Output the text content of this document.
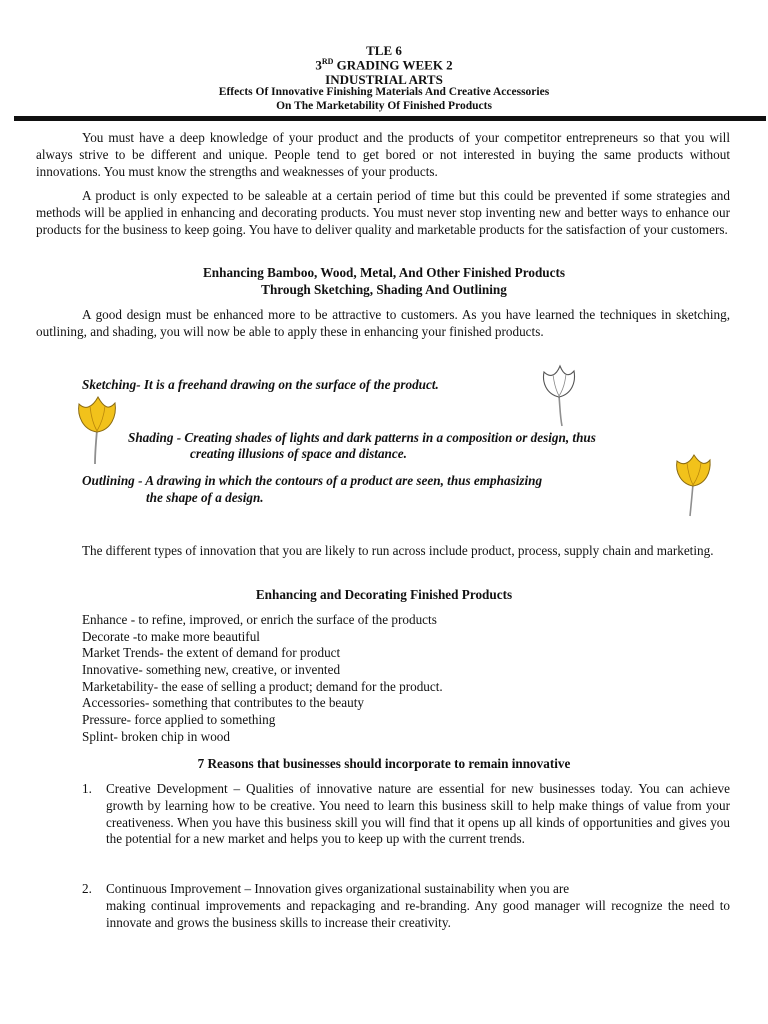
TLE 6
3RD GRADING WEEK 2
INDUSTRIAL ARTS
Effects Of Innovative Finishing Materials And Creative Accessories
On The Marketability Of Finished Products

You must have a deep knowledge of your product and the products of your competitor entrepreneurs so that you will always strive to be different and unique. People tend to get bored or not interested in buying the same products without innovations. You must know the strengths and weaknesses of your products.

A product is only expected to be saleable at a certain period of time but this could be prevented if some strategies and methods will be applied in enhancing and decorating products. You must never stop inventing new and better ways to enhance our products for the business to keep going. You have to deliver quality and marketable products for the satisfaction of your customers.

Enhancing Bamboo, Wood, Metal, And Other Finished Products
Through Sketching, Shading And Outlining

A good design must be enhanced more to be attractive to customers. As you have learned the techniques in sketching, outlining, and shading, you will now be able to apply these in enhancing your finished products.

Sketching- It is a freehand drawing on the surface of the product.
Shading - Creating shades of lights and dark patterns in a composition or design, thus
creating illusions of space and distance.
Outlining - A drawing in which the contours of a product are seen, thus emphasizing
the shape of a design.

The different types of innovation that you are likely to run across include product, process, supply chain and marketing.

Enhancing and Decorating Finished Products
Enhance - to refine, improved, or enrich the surface of the products
Decorate -to make more beautiful
Market Trends- the extent of demand for product
Innovative- something new, creative, or invented
Marketability- the ease of selling a product; demand for the product.
Accessories- something that contributes to the beauty
Pressure- force applied to something
Splint- broken chip in wood
7 Reasons that businesses should incorporate to remain innovative
1. Creative Development – Qualities of innovative nature are essential for new businesses today. You can achieve growth by learning how to be creative. You need to learn this business skill to help make things of value from your creativeness. When you have this business skill you will find that it opens up all kinds of opportunities and gives you the potential for a new market and helps you to keep up with the current trends.

2. Continuous Improvement – Innovation gives organizational sustainability when you are

making continual improvements and repackaging and re-branding. Any good manager will recognize the need to innovate and grows the business skills to increase their creativity.
